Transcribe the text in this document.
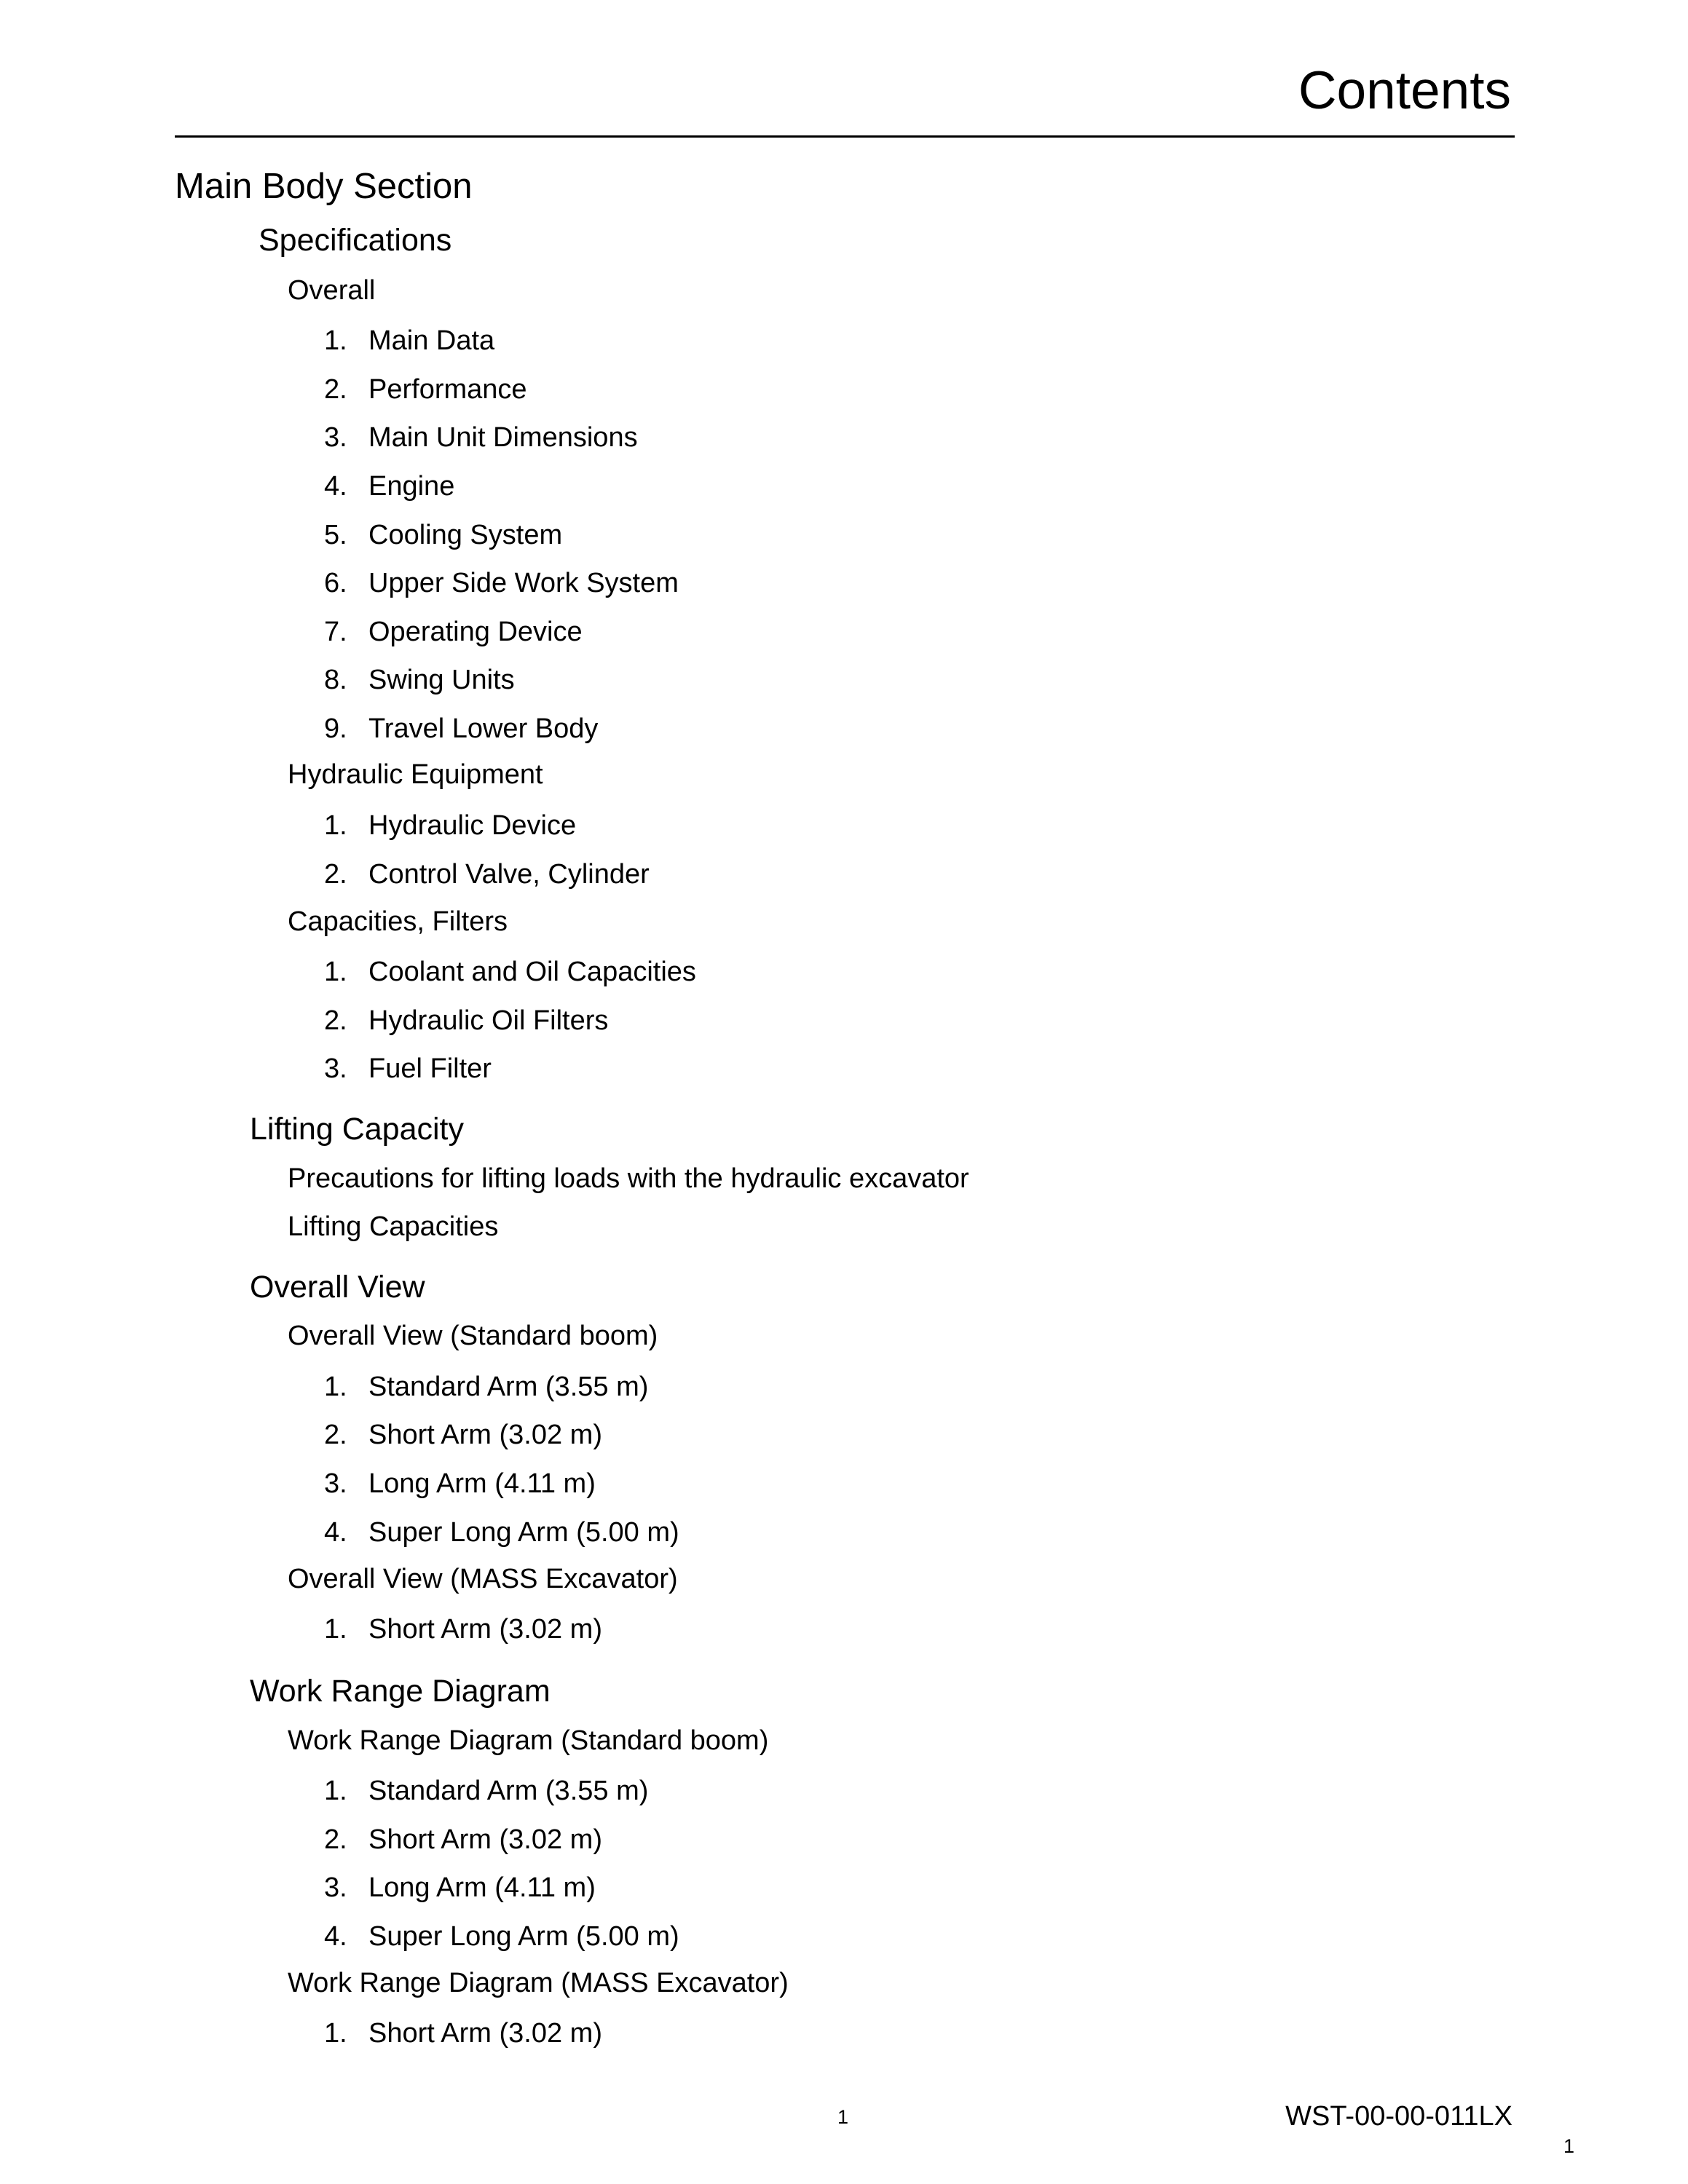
Contents
Main Body Section
Specifications
Overall
1. Main Data
2. Performance
3. Main Unit Dimensions
4. Engine
5. Cooling System
6. Upper Side Work System
7. Operating Device
8. Swing Units
9. Travel Lower Body
Hydraulic Equipment
1. Hydraulic Device
2. Control Valve, Cylinder
Capacities, Filters
1. Coolant and Oil Capacities
2. Hydraulic Oil Filters
3. Fuel Filter
Lifting Capacity
Precautions for lifting loads with the hydraulic excavator
Lifting Capacities
Overall View
Overall View (Standard boom)
1. Standard Arm (3.55 m)
2. Short Arm (3.02 m)
3. Long Arm (4.11 m)
4. Super Long Arm (5.00 m)
Overall View (MASS Excavator)
1. Short Arm (3.02 m)
Work Range Diagram
Work Range Diagram (Standard boom)
1. Standard Arm (3.55 m)
2. Short Arm (3.02 m)
3. Long Arm (4.11 m)
4. Super Long Arm (5.00 m)
Work Range Diagram (MASS Excavator)
1. Short Arm (3.02 m)
1	WST-00-00-011LX
1
